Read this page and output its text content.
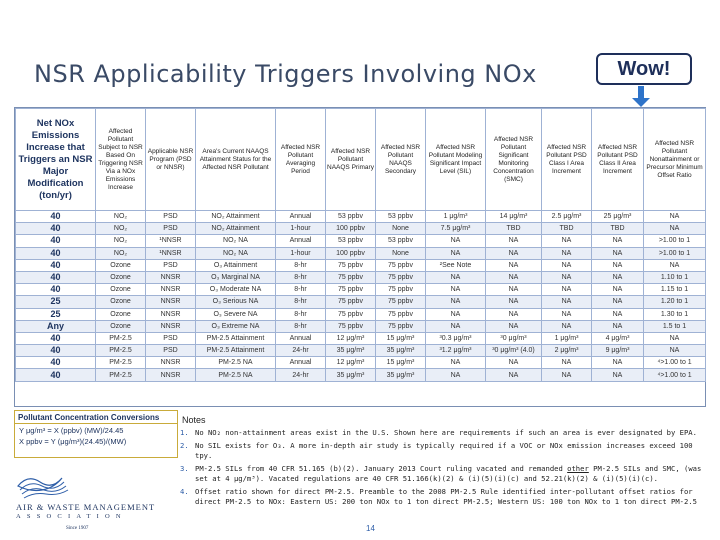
NSR Applicability Triggers Involving NOx	Wow!
Net NOx Emissions Increase that Triggers an NSR Major Modification (ton/yr)	Affected Pollutant Subject to NSR Based On Triggering NSR Via a NOx Emissions Increase	Applicable NSR Program (PSD or NNSR)	Area's Current NAAQS Attainment Status for the Affected NSR Pollutant	Affected NSR Pollutant Averaging Period	Affected NSR Pollutant NAAQS Primary	Affected NSR Pollutant NAAQS Secondary	Affected NSR Pollutant Modeling Significant Impact Level (SIL)	Affected NSR Pollutant Significant Monitoring Concentration (SMC)	Affected NSR Pollutant PSD Class I Area Increment	Affected NSR Pollutant PSD Class II Area Increment	Affected NSR Pollutant Nonattainment or Precursor Minimum Offset Ratio
40	NO₂	PSD	NO₂ Attainment	Annual	53 ppbv	53 ppbv	1 μg/m³	14 μg/m³	2.5 μg/m³	25 μg/m³	NA
40	NO₂	PSD	NO₂ Attainment	1-hour	100 ppbv	None	7.5 μg/m³	TBD	TBD	TBD	NA
40	NO₂	¹NNSR	NO₂ NA	Annual	53 ppbv	53 ppbv	NA	NA	NA	NA	>1.00 to 1
40	NO₂	¹NNSR	NO₂ NA	1-hour	100 ppbv	None	NA	NA	NA	NA	>1.00 to 1
40	Ozone	PSD	O₃ Attainment	8-hr	75 ppbv	75 ppbv	²See Note	NA	NA	NA	NA
40	Ozone	NNSR	O₃ Marginal NA	8-hr	75 ppbv	75 ppbv	NA	NA	NA	NA	1.10 to 1
40	Ozone	NNSR	O₃ Moderate NA	8-hr	75 ppbv	75 ppbv	NA	NA	NA	NA	1.15 to 1
25	Ozone	NNSR	O₃ Serious NA	8-hr	75 ppbv	75 ppbv	NA	NA	NA	NA	1.20 to 1
25	Ozone	NNSR	O₃ Severe NA	8-hr	75 ppbv	75 ppbv	NA	NA	NA	NA	1.30 to 1
Any	Ozone	NNSR	O₃ Extreme NA	8-hr	75 ppbv	75 ppbv	NA	NA	NA	NA	1.5 to 1
40	PM-2.5	PSD	PM-2.5 Attainment	Annual	12 μg/m³	15 μg/m³	³0.3 μg/m³	³0 μg/m³	1 μg/m³	4 μg/m³	NA
40	PM-2.5	PSD	PM-2.5 Attainment	24-hr	35 μg/m³	35 μg/m³	³1.2 μg/m³	³0 μg/m³ (4.0)	2 μg/m³	9 μg/m³	NA
40	PM-2.5	NNSR	PM-2.5 NA	Annual	12 μg/m³	15 μg/m³	NA	NA	NA	NA	⁴>1.00 to 1
40	PM-2.5	NNSR	PM-2.5 NA	24-hr	35 μg/m³	35 μg/m³	NA	NA	NA	NA	⁴>1.00 to 1
Pollutant Concentration Conversions
Y μg/m³ = X (ppbv) (MW)/24.45
X ppbv = Y (μg/m³)(24.45)/(MW)
AIR & WASTE MANAGEMENT
ASSOCIATION
Since 1907
Notes
1. No NO₂ non-attainment areas exist in the U.S. Shown here are requirements if such an area is ever designated by EPA.
2. No SIL exists for O₃. A more in-depth air study is typically required if a VOC or NOx emission increases exceed 100 tpy.
3. PM-2.5 SILs from 40 CFR 51.165 (b)(2). January 2013 Court ruling vacated and remanded other PM-2.5 SILs and SMC, (was set at 4 μg/m³). Vacated regulations are 40 CFR 51.166(k)(2) & (i)(5)(i)(c) and 52.21(k)(2) & (i)(5)(i)(c).
4. Offset ratio shown for direct PM-2.5. Preamble to the 2008 PM-2.5 Rule identified inter-pollutant offset ratios for direct PM-2.5 to NOx: Eastern US: 200 ton NOx to 1 ton direct PM-2.5; Western US: 100 ton NOx to 1 ton direct PM-2.5
14
